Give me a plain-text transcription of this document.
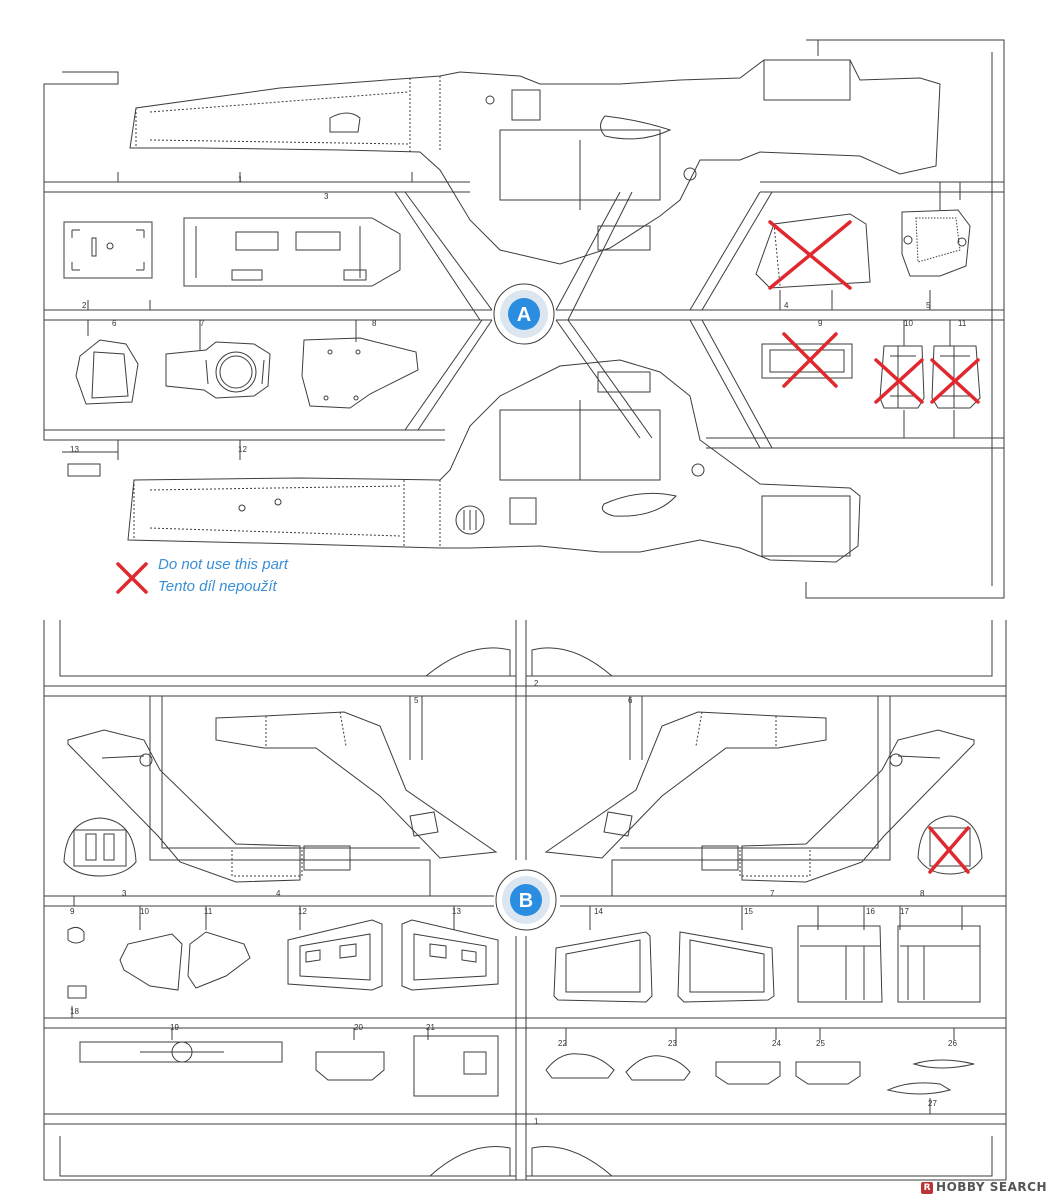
1
2
3
4	5
6	7	8	9	10	11
12
13
1
2
3	4
5	6
7	8
9	10	11	12	13	14	15	16	17
18
19	20	21
22	23	24	25	26
27
A
B
Do not use this part
Tento díl nepoužít
R HOBBY SEARCH
